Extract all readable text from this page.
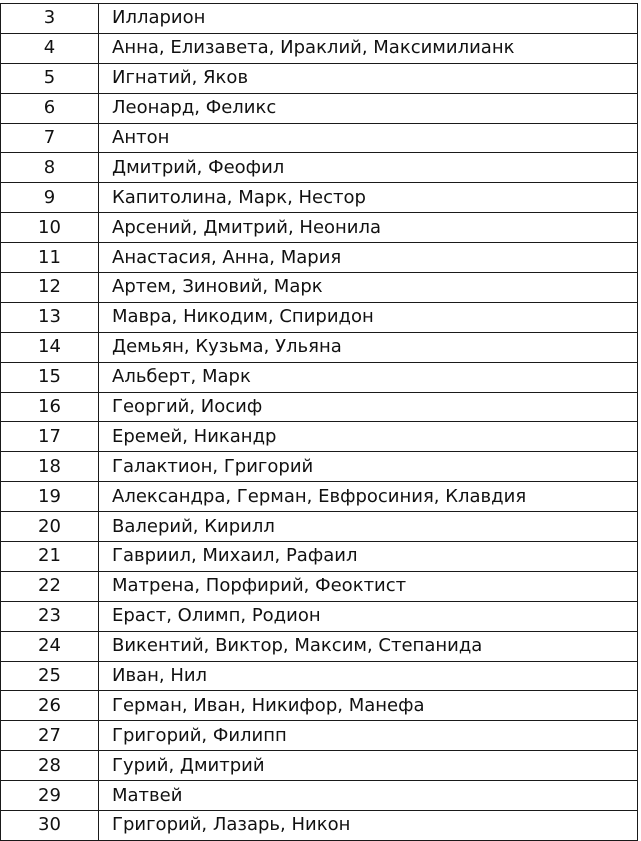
3	Илларион
4	Анна, Елизавета, Ираклий, Максимилианк
5	Игнатий, Яков
6	Леонард, Феликс
7	Антон
8	Дмитрий, Феофил
9	Капитолина, Марк, Нестор
10	Арсений, Дмитрий, Неонила
11	Анастасия, Анна, Мария
12	Артем, Зиновий, Марк
13	Мавра, Никодим, Спиридон
14	Демьян, Кузьма, Ульяна
15	Альберт, Марк
16	Георгий, Иосиф
17	Еремей, Никандр
18	Галактион, Григорий
19	Александра, Герман, Евфросиния, Клавдия
20	Валерий, Кирилл
21	Гавриил, Михаил, Рафаил
22	Матрена, Порфирий, Феоктист
23	Ераст, Олимп, Родион
24	Викентий, Виктор, Максим, Степанида
25	Иван, Нил
26	Герман, Иван, Никифор, Манефа
27	Григорий, Филипп
28	Гурий, Дмитрий
29	Матвей
30	Григорий, Лазарь, Никон
